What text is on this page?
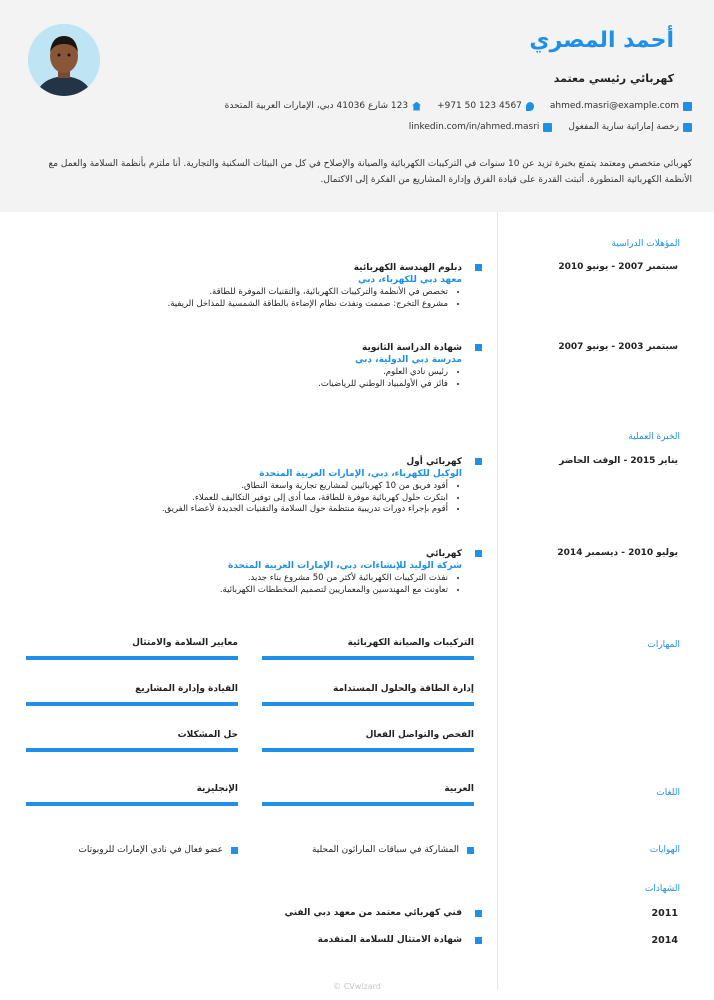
أحمد المصري
كهربائي رئيسي معتمد
ahmed.masri@example.com
+971 50 123 4567
123 شارع 41036 دبي، الإمارات العربية المتحدة
رخصة إماراتية سارية المفعول
linkedin.com/in/ahmed.masri
كهربائي متخصص ومعتمد يتمتع بخبرة تزيد عن 10 سنوات في التركيبات الكهربائية والصيانة والإصلاح في كل من البيئات السكنية والتجارية. أنا ملتزم بأنظمة السلامة والعمل مع الأنظمة الكهربائية المتطورة. أثبتت القدرة على قيادة الفرق وإدارة المشاريع من الفكرة إلى الاكتمال.
المؤهلات الدراسية
سبتمبر 2007 - يونيو 2010
دبلوم الهندسة الكهربائية
معهد دبي للكهرباء، دبي
• تخصص في الأنظمة والتركيبات الكهربائية، والتقنيات الموفرة للطاقة.
• مشروع التخرج: صممت ونفذت نظام الإضاءة بالطاقة الشمسية للمداخل الريفية.
سبتمبر 2003 - يونيو 2007
شهادة الدراسة الثانوية
مدرسة دبي الدولية، دبي
• رئيس نادي العلوم.
• فائز في الأولمبياد الوطني للرياضيات.
الخبرة العملية
يناير 2015 - الوقت الحاضر
كهربائي أول
الوكيل للكهرباء، دبي، الإمارات العربية المتحدة
• أقود فريق من 10 كهربائيين لمشاريع تجارية واسعة النطاق.
• ابتكرت حلول كهربائية موفرة للطاقة، مما أدى إلى توفير التكاليف للعملاء.
• أقوم بإجراء دورات تدريبية منتظمة حول السلامة والتقنيات الجديدة لأعضاء الفريق.
يوليو 2010 - ديسمبر 2014
كهربائي
شركة الوليد للإنشاءات، دبي، الإمارات العربية المتحدة
• نفذت التركيبات الكهربائية لأكثر من 50 مشروع بناء جديد.
• تعاونت مع المهندسين والمعماريين لتصميم المخططات الكهربائية.
المهارات
التركيبات والصيانة الكهربائية
معايير السلامة والامتثال
إدارة الطاقة والحلول المستدامة
القيادة وإدارة المشاريع
الفحص والتواصل الفعال
حل المشكلات
اللغات
العربية
الإنجليزية
الهوايات
المشاركة في سباقات الماراثون المحلية
عضو فعال في نادي الإمارات للروبوتات
الشهادات
2011
فني كهربائي معتمد من معهد دبي الفني
2014
شهادة الامتثال للسلامة المتقدمة
CVwizard ©
